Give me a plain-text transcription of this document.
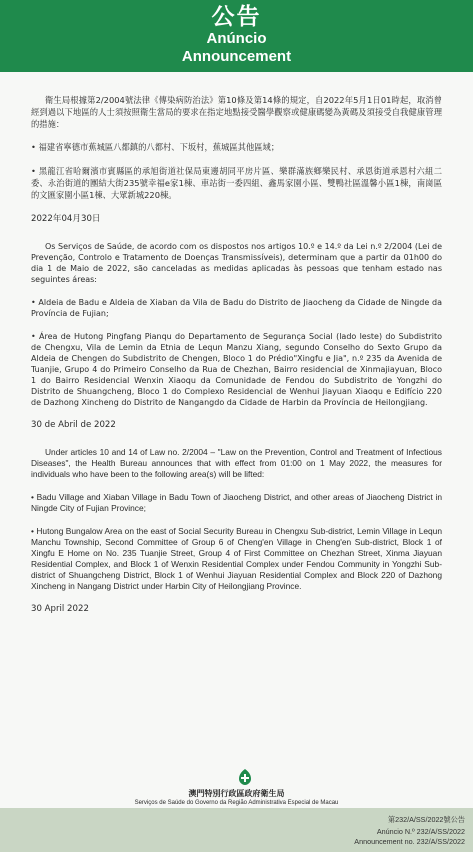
公告
Anúncio
Announcement

衛生局根據第2/2004號法律《傳染病防治法》第10條及第14條的規定，自2022年5月1日01時起，取消曾經到過以下地區的人士須按照衛生當局的要求在指定地點接受醫學觀察或健康碼變為黃碼及須接受自我健康管理的措施：

• 福建省寧德市蕉城區八都鎮的八都村、下坂村，蕉城區其他區域；

• 黑龍江省哈爾濱市賓縣區的承旭街道社保局東邊胡同平房片區、樂群滿族鄉樂民村、承恩街道承恩村六組二委、永治街道的團結大街235號幸福e家1棟、車站街一委四組、鑫馬家園小區、雙鴨社區溫馨小區1棟，南崗區的文匯家園小區1棟、大眾新城220棟。

2022年04月30日

Os Serviços de Saúde, de acordo com os dispostos nos artigos 10.º e 14.º da Lei n.º 2/2004 (Lei de Prevenção, Controlo e Tratamento de Doenças Transmissíveis), determinam que a partir da 01h00 do dia 1 de Maio de 2022, são canceladas as medidas aplicadas às pessoas que tenham estado nas seguintes áreas:

• Aldeia de Badu e Aldeia de Xiaban da Vila de Badu do Distrito de Jiaocheng da Cidade de Ningde da Província de Fujian;

• Área de Hutong Pingfang Pianqu do Departamento de Segurança Social (lado leste) do Subdistrito de Chengxu, Vila de Lemin da Etnia de Lequn Manzu Xiang, segundo Conselho do Sexto Grupo da Aldeia de Chengen do Subdistrito de Chengen, Bloco 1 do Prédio"Xingfu e Jia", n.º 235 da Avenida de Tuanjie, Grupo 4 do Primeiro Conselho da Rua de Chezhan, Bairro residencial de Xinmajiayuan, Bloco 1 do Bairro Residencial Wenxin Xiaoqu da Comunidade de Fendou do Subdistrito de Yongzhi do Distrito de Shuangcheng, Bloco 1 do Complexo Residencial de Wenhui Jiayuan Xiaoqu e Edifício 220 de Dazhong Xincheng do Distrito de Nangangdo da Cidade de Harbin da Província de Heilongjiang.

30 de Abril de 2022

Under articles 10 and 14 of Law no. 2/2004 – "Law on the Prevention, Control and Treatment of Infectious Diseases", the Health Bureau announces that with effect from 01:00 on 1 May 2022, the measures for individuals who have been to the following area(s) will be lifted:

• Badu Village and Xiaban Village in Badu Town of Jiaocheng District, and other areas of Jiaocheng District in Ningde City of Fujian Province;

• Hutong Bungalow Area on the east of Social Security Bureau in Chengxu Sub-district, Lemin Village in Lequn Manchu Township, Second Committee of Group 6 of Cheng'en Village in Cheng'en Sub-district, Block 1 of Xingfu E Home on No. 235 Tuanjie Street, Group 4 of First Committee on Chezhan Street, Xinma Jiayuan Residential Complex, and Block 1 of Wenxin Residential Complex under Fendou Community in Yongzhi Sub-district of Shuangcheng District, Block 1 of Wenhui Jiayuan Residential Complex and Block 220 of Dazhong Xincheng in Nangang District under Harbin City of Heilongjiang Province.

30 April 2022

澳門特別行政區政府衛生局
Serviços de Saúde do Governo da Região Administrativa Especial de Macau
第232/A/SS/2022號公告
Anúncio N.º 232/A/SS/2022
Announcement no. 232/A/SS/2022
